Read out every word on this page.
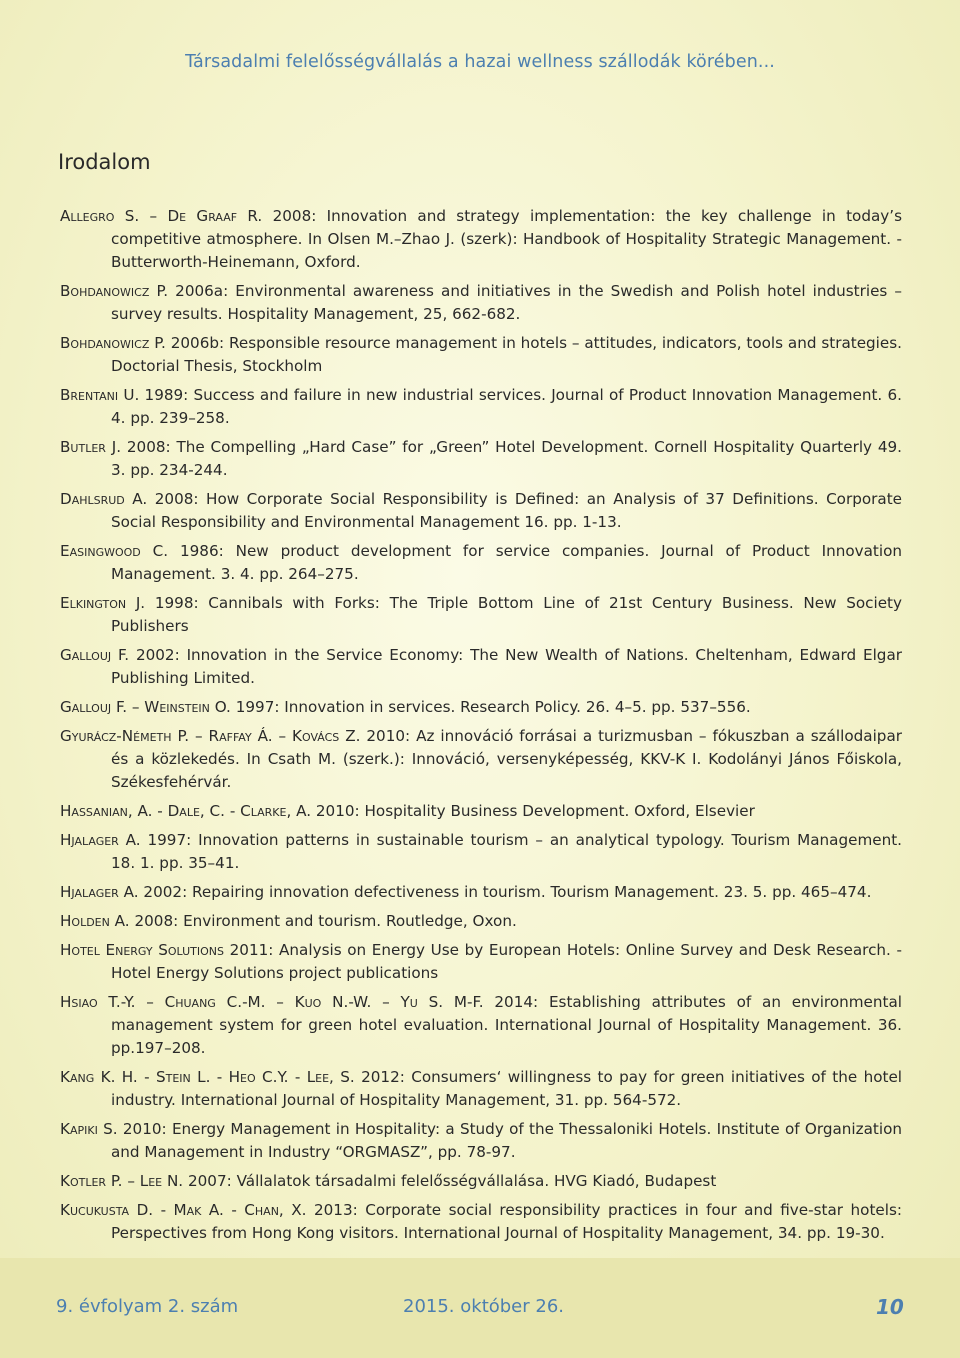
Társadalmi felelősségvállalás a hazai wellness szállodák körében...
Irodalom

Allegro S. – De Graaf R. 2008: Innovation and strategy implementation: the key challenge in today’s competitive atmosphere. In Olsen M.–Zhao J. (szerk): Handbook of Hospitality Strategic Management. - Butterworth-Heinemann, Oxford.

Bohdanowicz P. 2006a: Environmental awareness and initiatives in the Swedish and Polish hotel industries – survey results. Hospitality Management, 25, 662-682.

Bohdanowicz P. 2006b: Responsible resource management in hotels – attitudes, indicators, tools and strategies. Doctorial Thesis, Stockholm

Brentani U. 1989: Success and failure in new industrial services. Journal of Product Innovation Management. 6. 4. pp. 239–258.

Butler J. 2008: The Compelling „Hard Case” for „Green” Hotel Development. Cornell Hospitality Quarterly 49. 3. pp. 234-244.

Dahlsrud A. 2008: How Corporate Social Responsibility is Defined: an Analysis of 37 Definitions. Corporate Social Responsibility and Environmental Management 16. pp. 1-13.

Easingwood C. 1986: New product development for service companies. Journal of Product Innovation Management. 3. 4. pp. 264–275.

Elkington J. 1998: Cannibals with Forks: The Triple Bottom Line of 21st Century Business. New Society Publishers

Gallouj F. 2002: Innovation in the Service Economy: The New Wealth of Nations. Cheltenham, Edward Elgar Publishing Limited.

Gallouj F. – Weinstein O. 1997: Innovation in services. Research Policy. 26. 4–5. pp. 537–556.

Gyurácz-Németh P. – Raffay Á. – Kovács Z. 2010: Az innováció forrásai a turizmusban – fókuszban a szállodaipar és a közlekedés. In Csath M. (szerk.): Innováció, versenyképesség, KKV-K I. Kodolányi János Főiskola, Székesfehérvár.

Hassanian, A. - Dale, C. - Clarke, A. 2010: Hospitality Business Development. Oxford, Elsevier

Hjalager A. 1997: Innovation patterns in sustainable tourism – an analytical typology. Tourism Management. 18. 1. pp. 35–41.

Hjalager A. 2002: Repairing innovation defectiveness in tourism. Tourism Management. 23. 5. pp. 465–474.

Holden A. 2008: Environment and tourism. Routledge, Oxon.

Hotel Energy Solutions 2011: Analysis on Energy Use by European Hotels: Online Survey and Desk Research. - Hotel Energy Solutions project publications

Hsiao T.-Y. – Chuang C.-M. – Kuo N.-W. – Yu S. M-F. 2014: Establishing attributes of an environmental management system for green hotel evaluation. International Journal of Hospitality Management. 36. pp.197–208.

Kang K. H. - Stein L. - Heo C.Y. - Lee, S. 2012: Consumers‘ willingness to pay for green initiatives of the hotel industry. International Journal of Hospitality Management, 31. pp. 564-572.

Kapiki S. 2010: Energy Management in Hospitality: a Study of the Thessaloniki Hotels. Institute of Organization and Management in Industry “ORGMASZ”, pp. 78-97.

Kotler P. – Lee N. 2007: Vállalatok társadalmi felelősségvállalása. HVG Kiadó, Budapest

Kucukusta D. - Mak A. - Chan, X. 2013: Corporate social responsibility practices in four and five-star hotels: Perspectives from Hong Kong visitors. International Journal of Hospitality Management, 34. pp. 19-30.

9. évfolyam 2. szám	2015. október 26.	10
